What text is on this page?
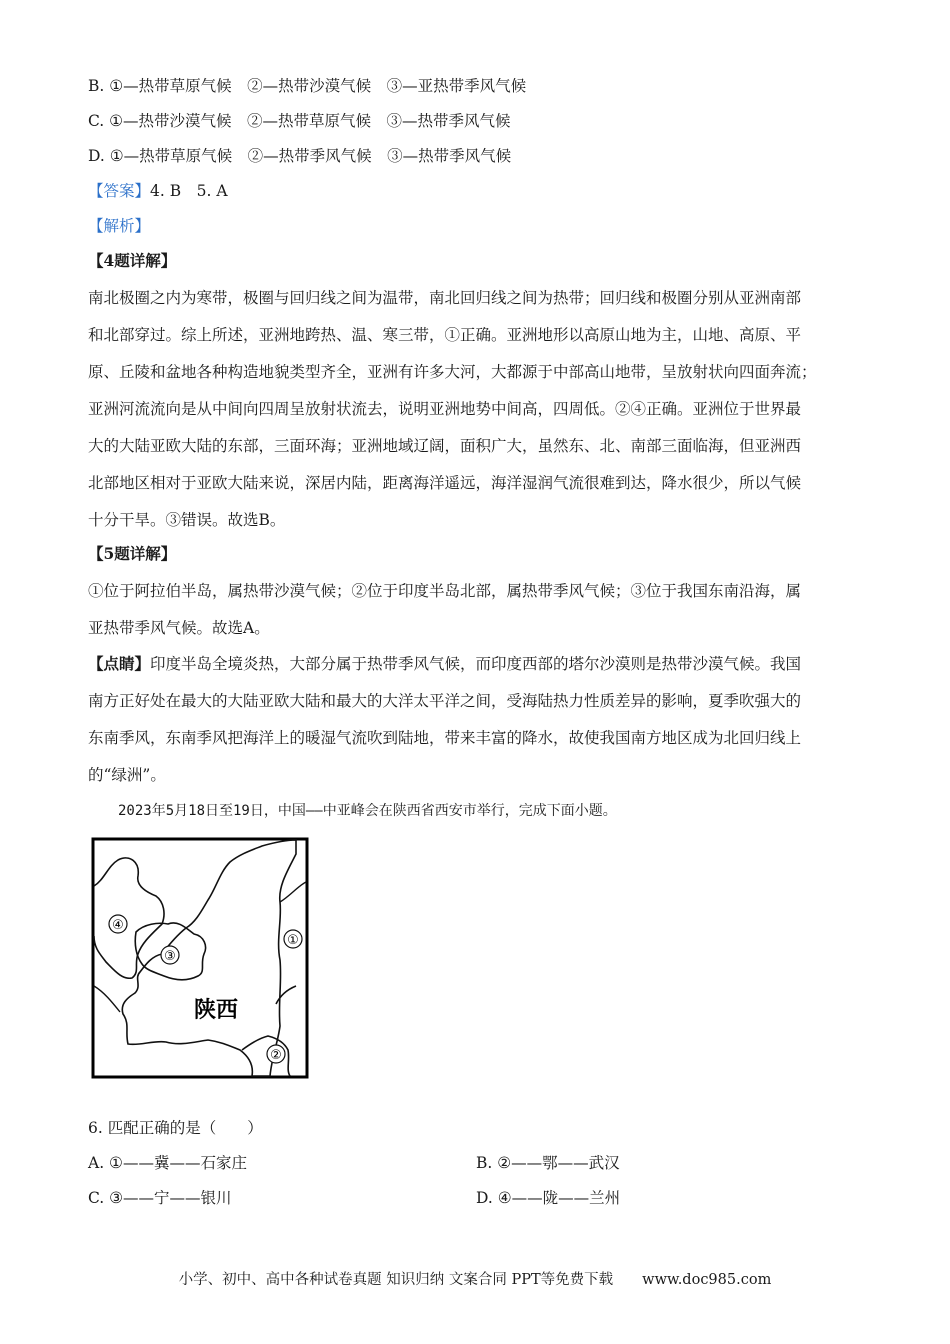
B. ①—热带草原气候　②—热带沙漠气候　③—亚热带季风气候
C. ①—热带沙漠气候　②—热带草原气候　③—热带季风气候
D. ①—热带草原气候　②—热带季风气候　③—热带季风气候
【答案】4. B　5. A
【解析】
【4题详解】
南北极圈之内为寒带，极圈与回归线之间为温带，南北回归线之间为热带；回归线和极圈分别从亚洲南部
和北部穿过。综上所述，亚洲地跨热、温、寒三带，①正确。亚洲地形以高原山地为主，山地、高原、平
原、丘陵和盆地各种构造地貌类型齐全，亚洲有许多大河，大都源于中部高山地带，呈放射状向四面奔流；
亚洲河流流向是从中间向四周呈放射状流去，说明亚洲地势中间高，四周低。②④正确。亚洲位于世界最
大的大陆亚欧大陆的东部，三面环海；亚洲地域辽阔，面积广大，虽然东、北、南部三面临海，但亚洲西
北部地区相对于亚欧大陆来说，深居内陆，距离海洋遥远，海洋湿润气流很难到达，降水很少，所以气候
十分干旱。③错误。故选B。
【5题详解】
①位于阿拉伯半岛，属热带沙漠气候；②位于印度半岛北部，属热带季风气候；③位于我国东南沿海，属
亚热带季风气候。故选A。
【点睛】印度半岛全境炎热，大部分属于热带季风气候，而印度西部的塔尔沙漠则是热带沙漠气候。我国
南方正好处在最大的大陆亚欧大陆和最大的大洋太平洋之间，受海陆热力性质差异的影响，夏季吹强大的
东南季风，东南季风把海洋上的暖湿气流吹到陆地，带来丰富的降水，故使我国南方地区成为北回归线上
的“绿洲”。
2023年5月18日至19日，中国——中亚峰会在陕西省西安市举行，完成下面小题。
①
②
③
④
陕西
6. 匹配正确的是（　　）
A. ①——冀——石家庄	B. ②——鄂——武汉
C. ③——宁——银川	D. ④——陇——兰州
小学、初中、高中各种试卷真题 知识归纳 文案合同 PPT等免费下载　　www.doc985.com
